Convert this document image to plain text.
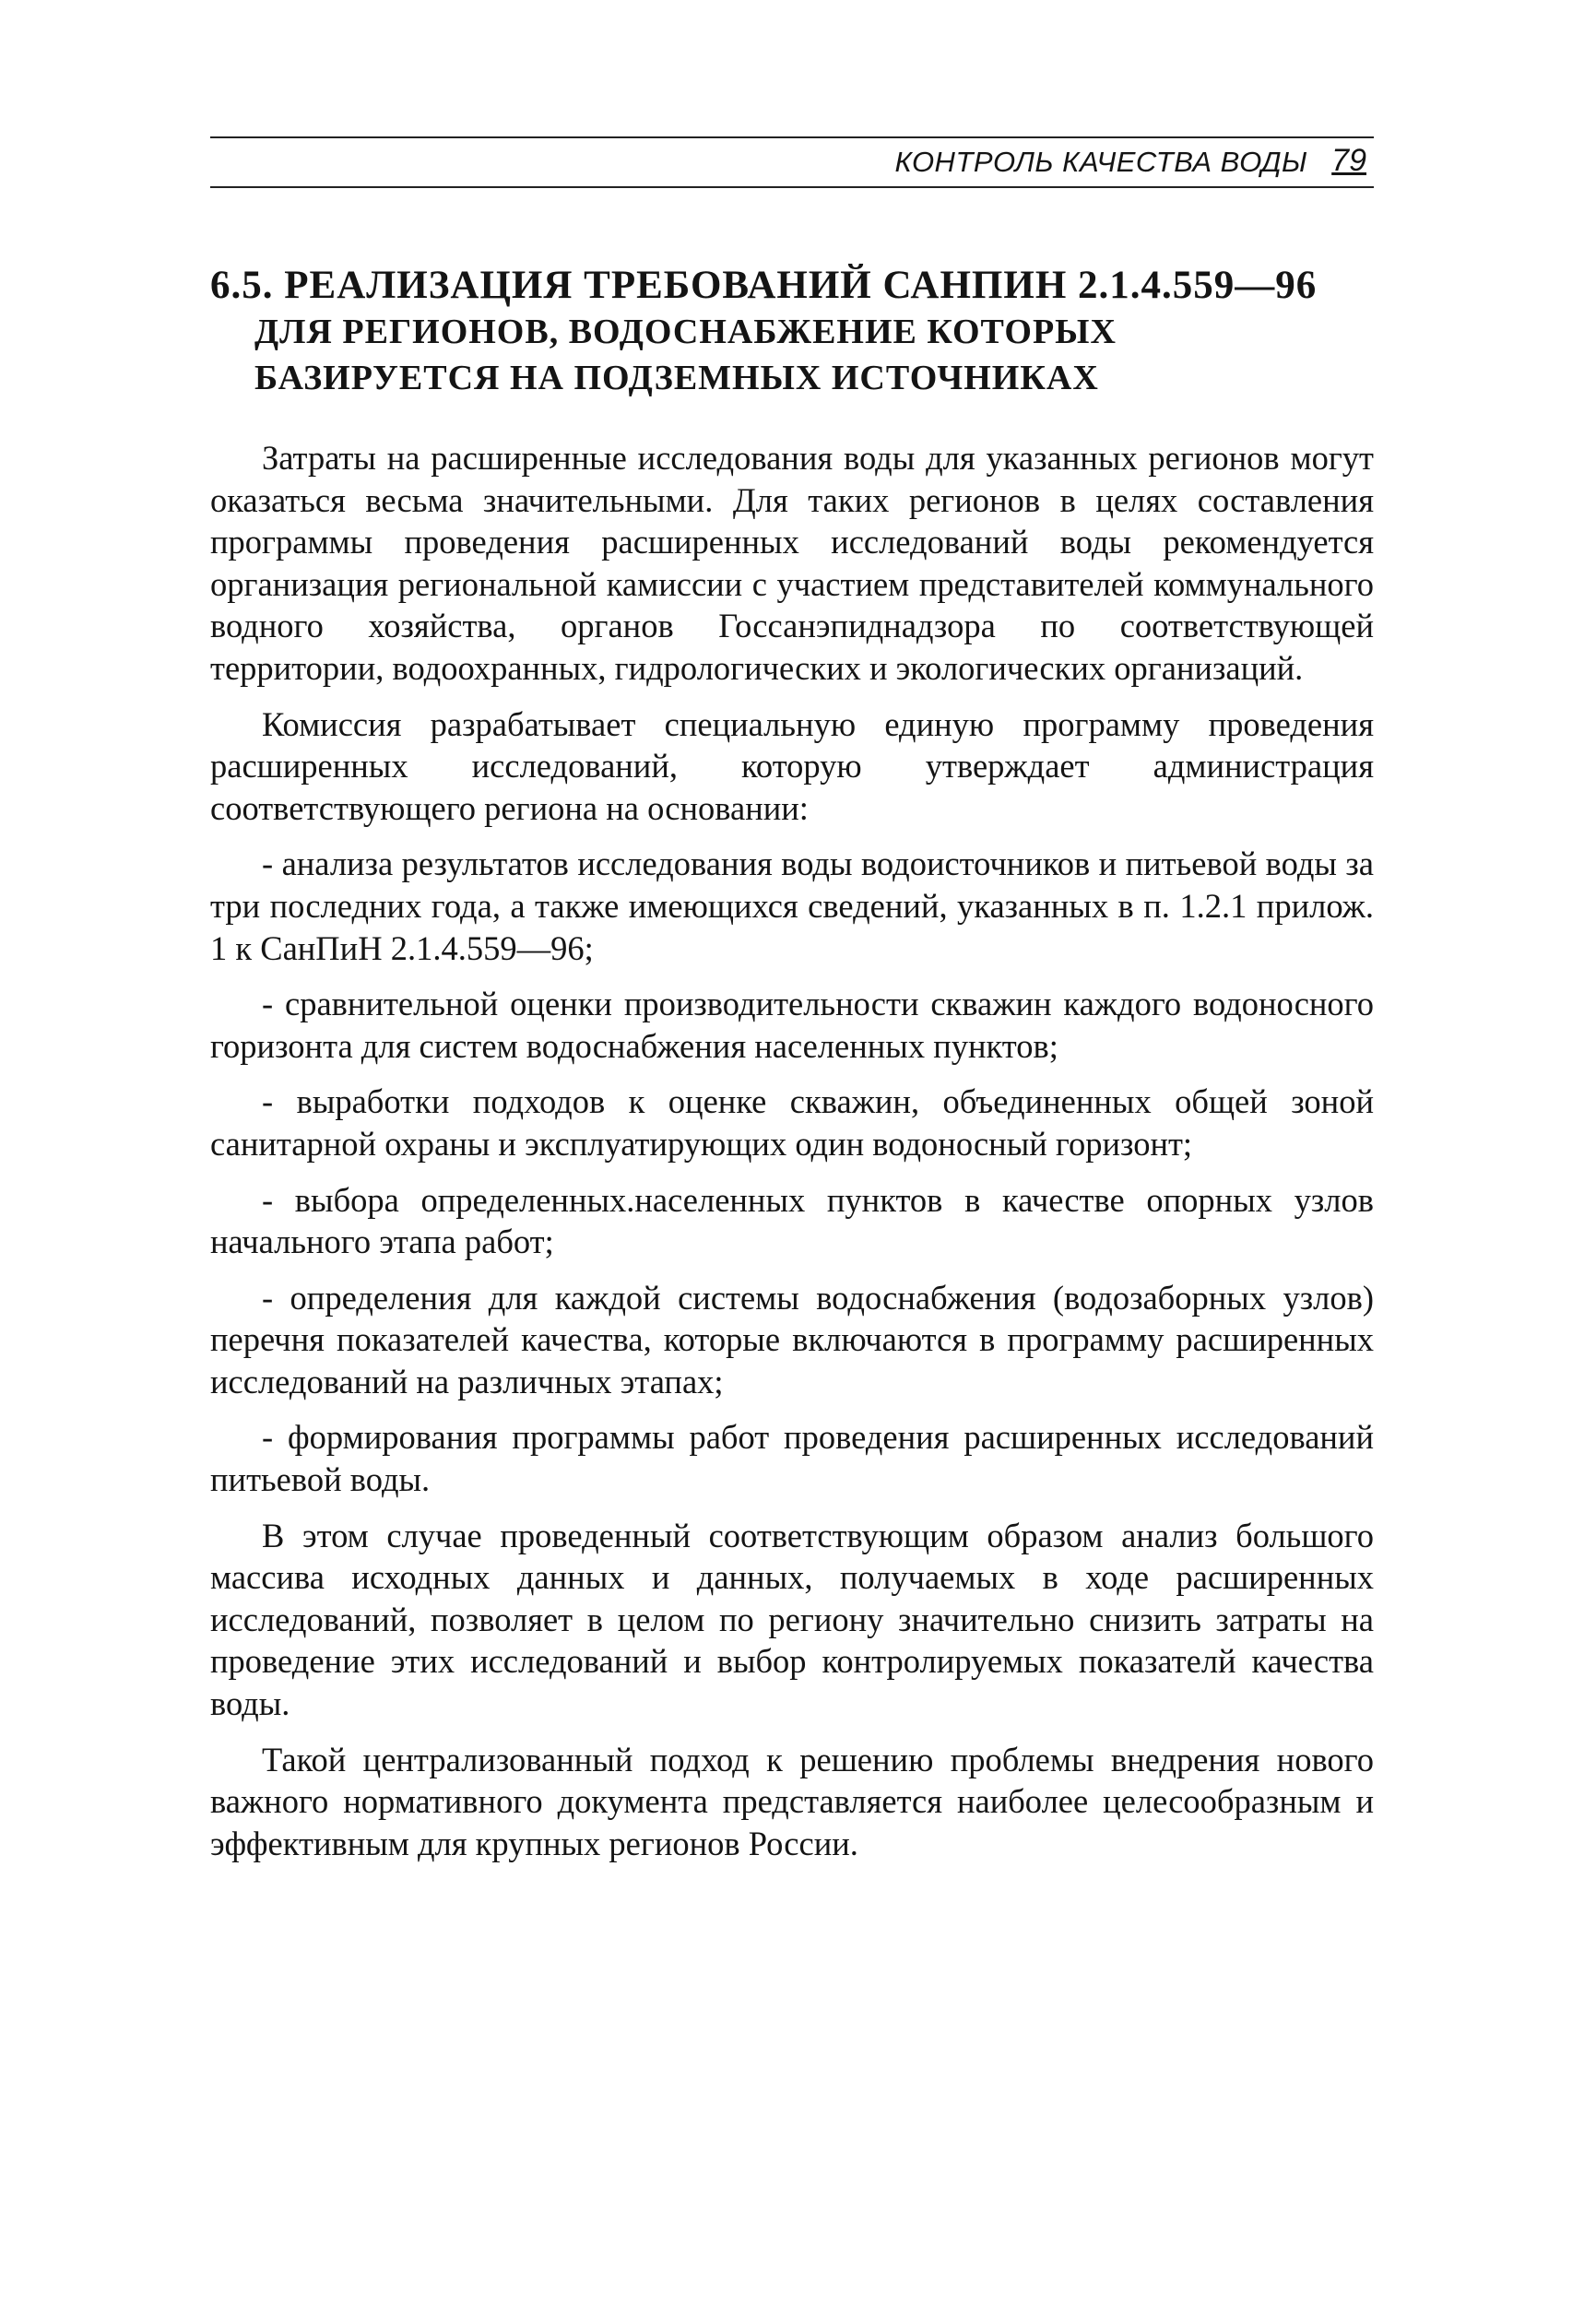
КОНТРОЛЬ КАЧЕСТВА ВОДЫ 79
6.5. РЕАЛИЗАЦИЯ ТРЕБОВАНИЙ САНПИН 2.1.4.559—96
ДЛЯ РЕГИОНОВ, ВОДОСНАБЖЕНИЕ КОТОРЫХ
БАЗИРУЕТСЯ НА ПОДЗЕМНЫХ ИСТОЧНИКАХ

Затраты на расширенные исследования воды для указанных регионов могут оказаться весьма значительными. Для таких регионов в целях составления программы проведения расширенных исследований воды рекомендуется организация региональной камиссии с участием представителей коммунального водного хозяйства, органов Госсанэпиднадзора по соответствующей территории, водоохранных, гидрологических и экологических организаций.

Комиссия разрабатывает специальную единую программу проведения расширенных исследований, которую утверждает администрация соответствующего региона на основании:

- анализа результатов исследования воды водоисточников и питьевой воды за три последних года, а также имеющихся сведений, указанных в п. 1.2.1 прилож. 1 к СанПиН 2.1.4.559—96;

- сравнительной оценки производительности скважин каждого водоносного горизонта для систем водоснабжения населенных пунктов;

- выработки подходов к оценке скважин, объединенных общей зоной санитарной охраны и эксплуатирующих один водоносный горизонт;

- выбора определенных.населенных пунктов в качестве опорных узлов начального этапа работ;

- определения для каждой системы водоснабжения (водозаборных узлов) перечня показателей качества, которые включаются в программу расширенных исследований на различных этапах;

- формирования программы работ проведения расширенных исследований питьевой воды.

В этом случае проведенный соответствующим образом анализ большого массива исходных данных и данных, получаемых в ходе расширенных исследований, позволяет в целом по региону значительно снизить затраты на проведение этих исследований и выбор контролируемых показателй качества воды.

Такой централизованный подход к решению проблемы внедрения нового важного нормативного документа представляется наиболее целесообразным и эффективным для крупных регионов России.
